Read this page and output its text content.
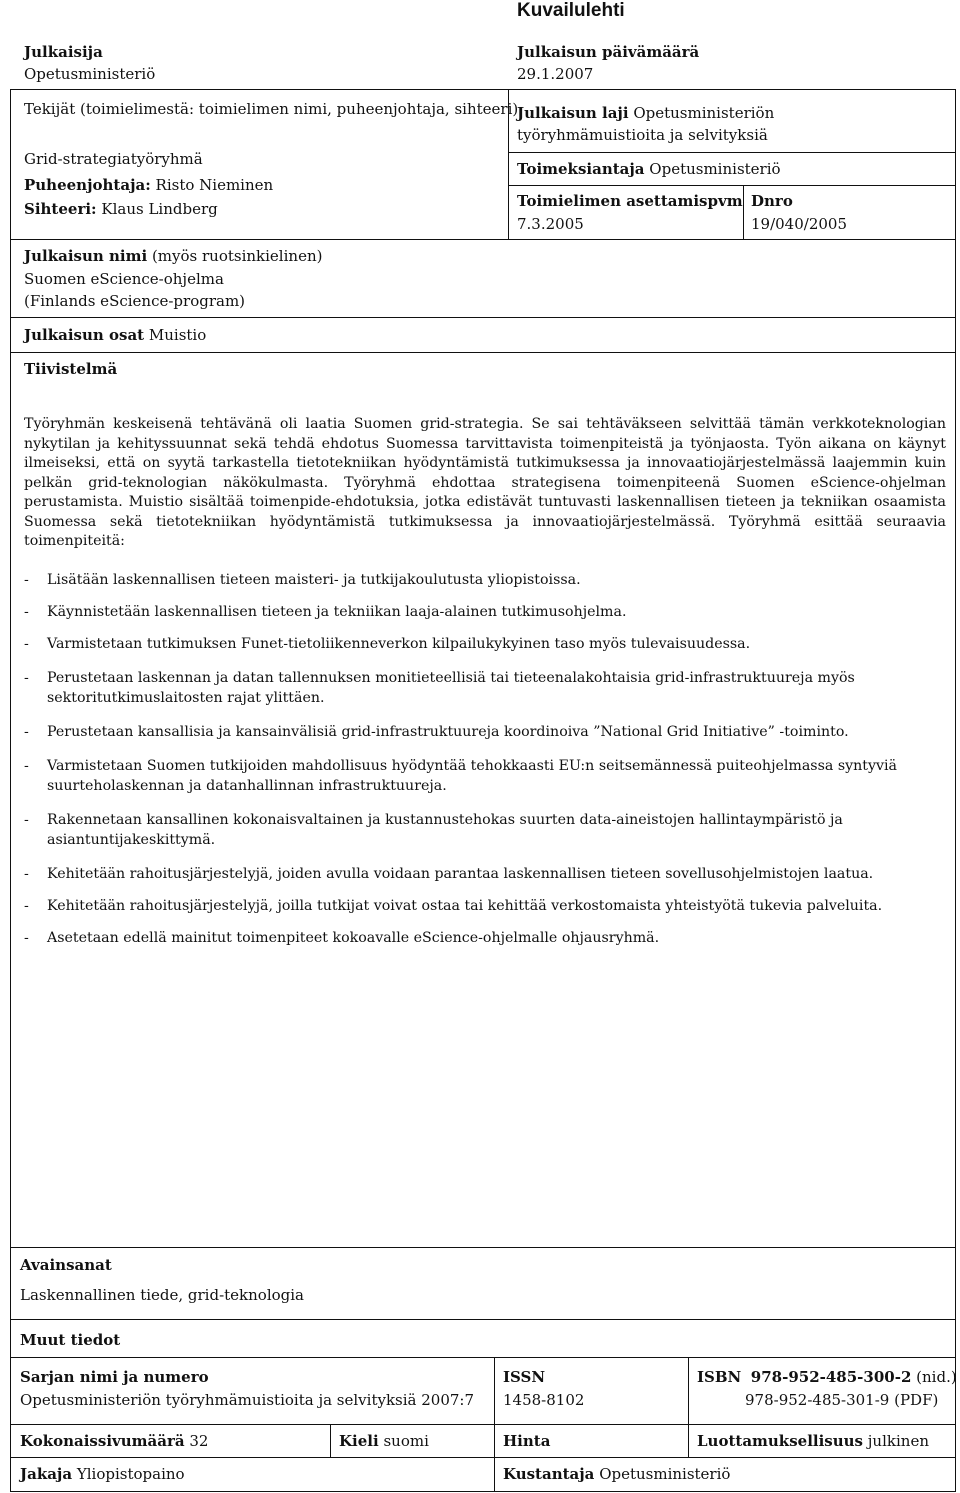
Kuvailulehti
Julkaisija
Opetusministeriö
Julkaisun päivämäärä
29.1.2007
Tekijät (toimielimestä: toimielimen nimi, puheenjohtaja, sihteeri)
Grid-strategiatyöryhmä
Puheenjohtaja: Risto Nieminen
Sihteeri: Klaus Lindberg
Julkaisun nimi (myös ruotsinkielinen)
Suomen eScience-ohjelma
(Finlands eScience-program)
Julkaisun osat Muistio
Tiivistelmä
Julkaisun laji Opetusministeriön
työryhmämuistioita ja selvityksiä
Toimeksiantaja Opetusministeriö
Toimielimen asettamispvm
7.3.2005
Dnro
19/040/2005
Työryhmän keskeisenä tehtävänä oli laatia Suomen grid-strategia. Se sai tehtäväkseen selvittää tämän verkkoteknologian nykytilan ja kehityssuunnat sekä tehdä ehdotus Suomessa tarvittavista toimenpiteistä ja työnjaosta. Työn aikana on käynyt ilmeiseksi, että on syytä tarkastella tietotekniikan hyödyntämistä tutkimuksessa ja innovaatiojärjestelmässä laajemmin kuin pelkän grid-teknologian näkökulmasta. Työryhmä ehdottaa strategisena toimenpiteenä Suomen eScience-ohjelman perustamista. Muistio sisältää toimenpide-ehdotuksia, jotka edistävät tuntuvasti laskennallisen tieteen ja tekniikan osaamista Suomessa sekä tietotekniikan hyödyntämistä tutkimuksessa ja innovaatiojärjestelmässä. Työryhmä esittää seuraavia toimenpiteitä:
- Lisätään laskennallisen tieteen maisteri- ja tutkijakoulutusta yliopistoissa.
- Käynnistetään laskennallisen tieteen ja tekniikan laaja-alainen tutkimusohjelma.
- Varmistetaan tutkimuksen Funet-tietoliikenneverkon kilpailukykyinen taso myös tulevaisuudessa.
- Perustetaan laskennan ja datan tallennuksen monitieteellisiä tai tieteenalakohtaisia grid-infrastruktuureja myös sektoritutkimuslaitosten rajat ylittäen.
- Perustetaan kansallisia ja kansainvälisiä grid-infrastruktuureja koordinoiva ”National Grid Initiative” -toiminto.
- Varmistetaan Suomen tutkijoiden mahdollisuus hyödyntää tehokkaasti EU:n seitsemännessä puiteohjelmassa syntyviä suurteholaskennan ja datanhallinnan infrastruktuureja.
- Rakennetaan kansallinen kokonaisvaltainen ja kustannustehokas suurten data-aineistojen hallintaympäristö ja asiantuntijakeskittymä.
- Kehitetään rahoitusjärjestelyjä, joiden avulla voidaan parantaa laskennallisen tieteen sovellusohjelmistojen laatua.
- Kehitetään rahoitusjärjestelyjä, joilla tutkijat voivat ostaa tai kehittää verkostomaista yhteistyötä tukevia palveluita.
- Asetetaan edellä mainitut toimenpiteet kokoavalle eScience-ohjelmalle ohjausryhmä.
Avainsanat
Laskennallinen tiede, grid-teknologia
Muut tiedot
Sarjan nimi ja numero
Opetusministeriön työryhmämuistioita ja selvityksiä 2007:7
ISSN
1458-8102
ISBN 978-952-485-300-2 (nid.)
978-952-485-301-9 (PDF)
Kokonaissivumäärä 32	Kieli suomi	Hinta	Luottamuksellisuus julkinen
Jakaja Yliopistopaino	Kustantaja Opetusministeriö
